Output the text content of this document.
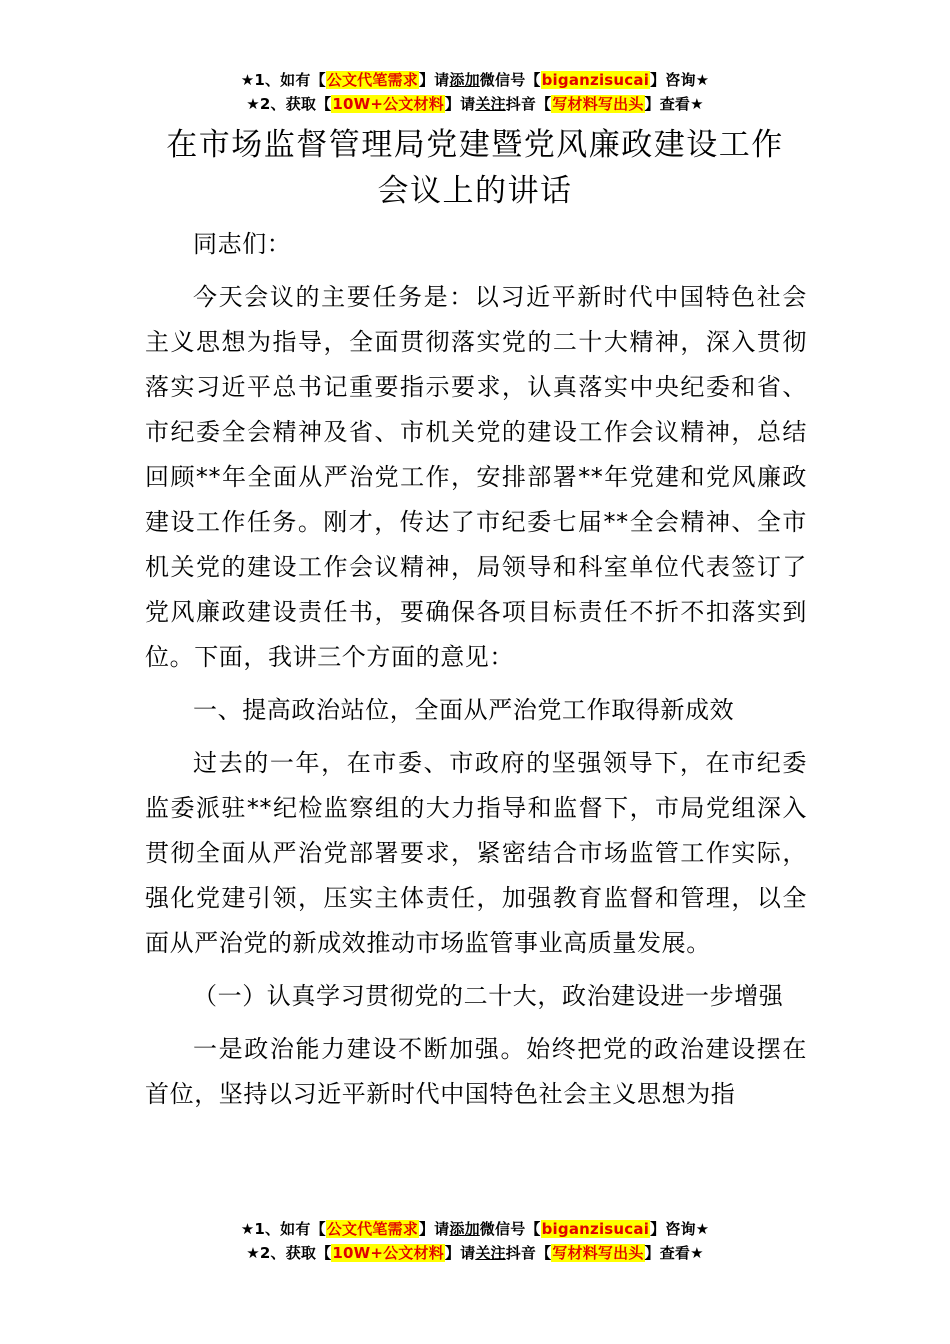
★1、如有【公文代笔需求】请添加微信号【biganzisucai】咨询★
★2、获取【10W+公文材料】请关注抖音【写材料写出头】查看★
在市场监督管理局党建暨党风廉政建设工作
会议上的讲话

同志们：

今天会议的主要任务是：以习近平新时代中国特色社会主义思想为指导，全面贯彻落实党的二十大精神，深入贯彻落实习近平总书记重要指示要求，认真落实中央纪委和省、市纪委全会精神及省、市机关党的建设工作会议精神，总结回顾**年全面从严治党工作，安排部署**年党建和党风廉政建设工作任务。刚才，传达了市纪委七届**全会精神、全市机关党的建设工作会议精神，局领导和科室单位代表签订了党风廉政建设责任书，要确保各项目标责任不折不扣落实到位。下面，我讲三个方面的意见：

一、提高政治站位，全面从严治党工作取得新成效

过去的一年，在市委、市政府的坚强领导下，在市纪委监委派驻**纪检监察组的大力指导和监督下，市局党组深入贯彻全面从严治党部署要求，紧密结合市场监管工作实际，强化党建引领，压实主体责任，加强教育监督和管理，以全面从严治党的新成效推动市场监管事业高质量发展。

（一）认真学习贯彻党的二十大，政治建设进一步增强

一是政治能力建设不断加强。始终把党的政治建设摆在首位，坚持以习近平新时代中国特色社会主义思想为指

★1、如有【公文代笔需求】请添加微信号【biganzisucai】咨询★
★2、获取【10W+公文材料】请关注抖音【写材料写出头】查看★
